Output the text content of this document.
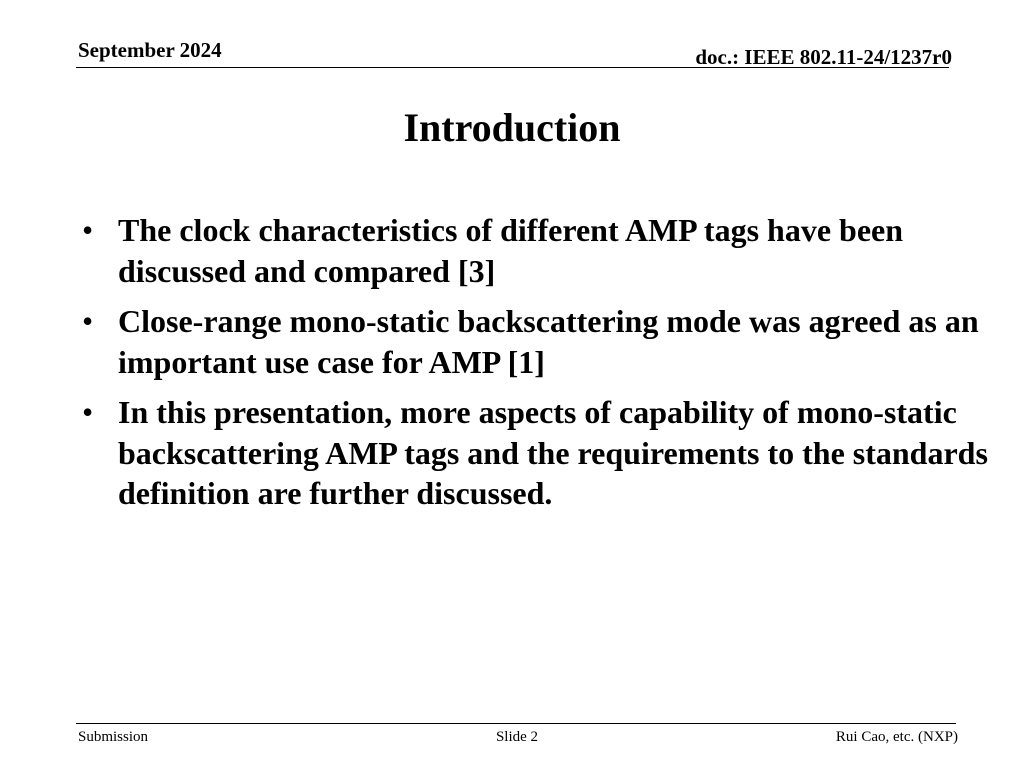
September 2024	doc.: IEEE 802.11-24/1237r0
Introduction
• The clock characteristics of different AMP tags have been discussed and compared [3]
• Close-range mono-static backscattering mode was agreed as an important use case for AMP [1]
• In this presentation, more aspects of capability of mono-static backscattering AMP tags and the requirements to the standards definition are further discussed.
Submission	Slide 2	Rui Cao, etc. (NXP)
